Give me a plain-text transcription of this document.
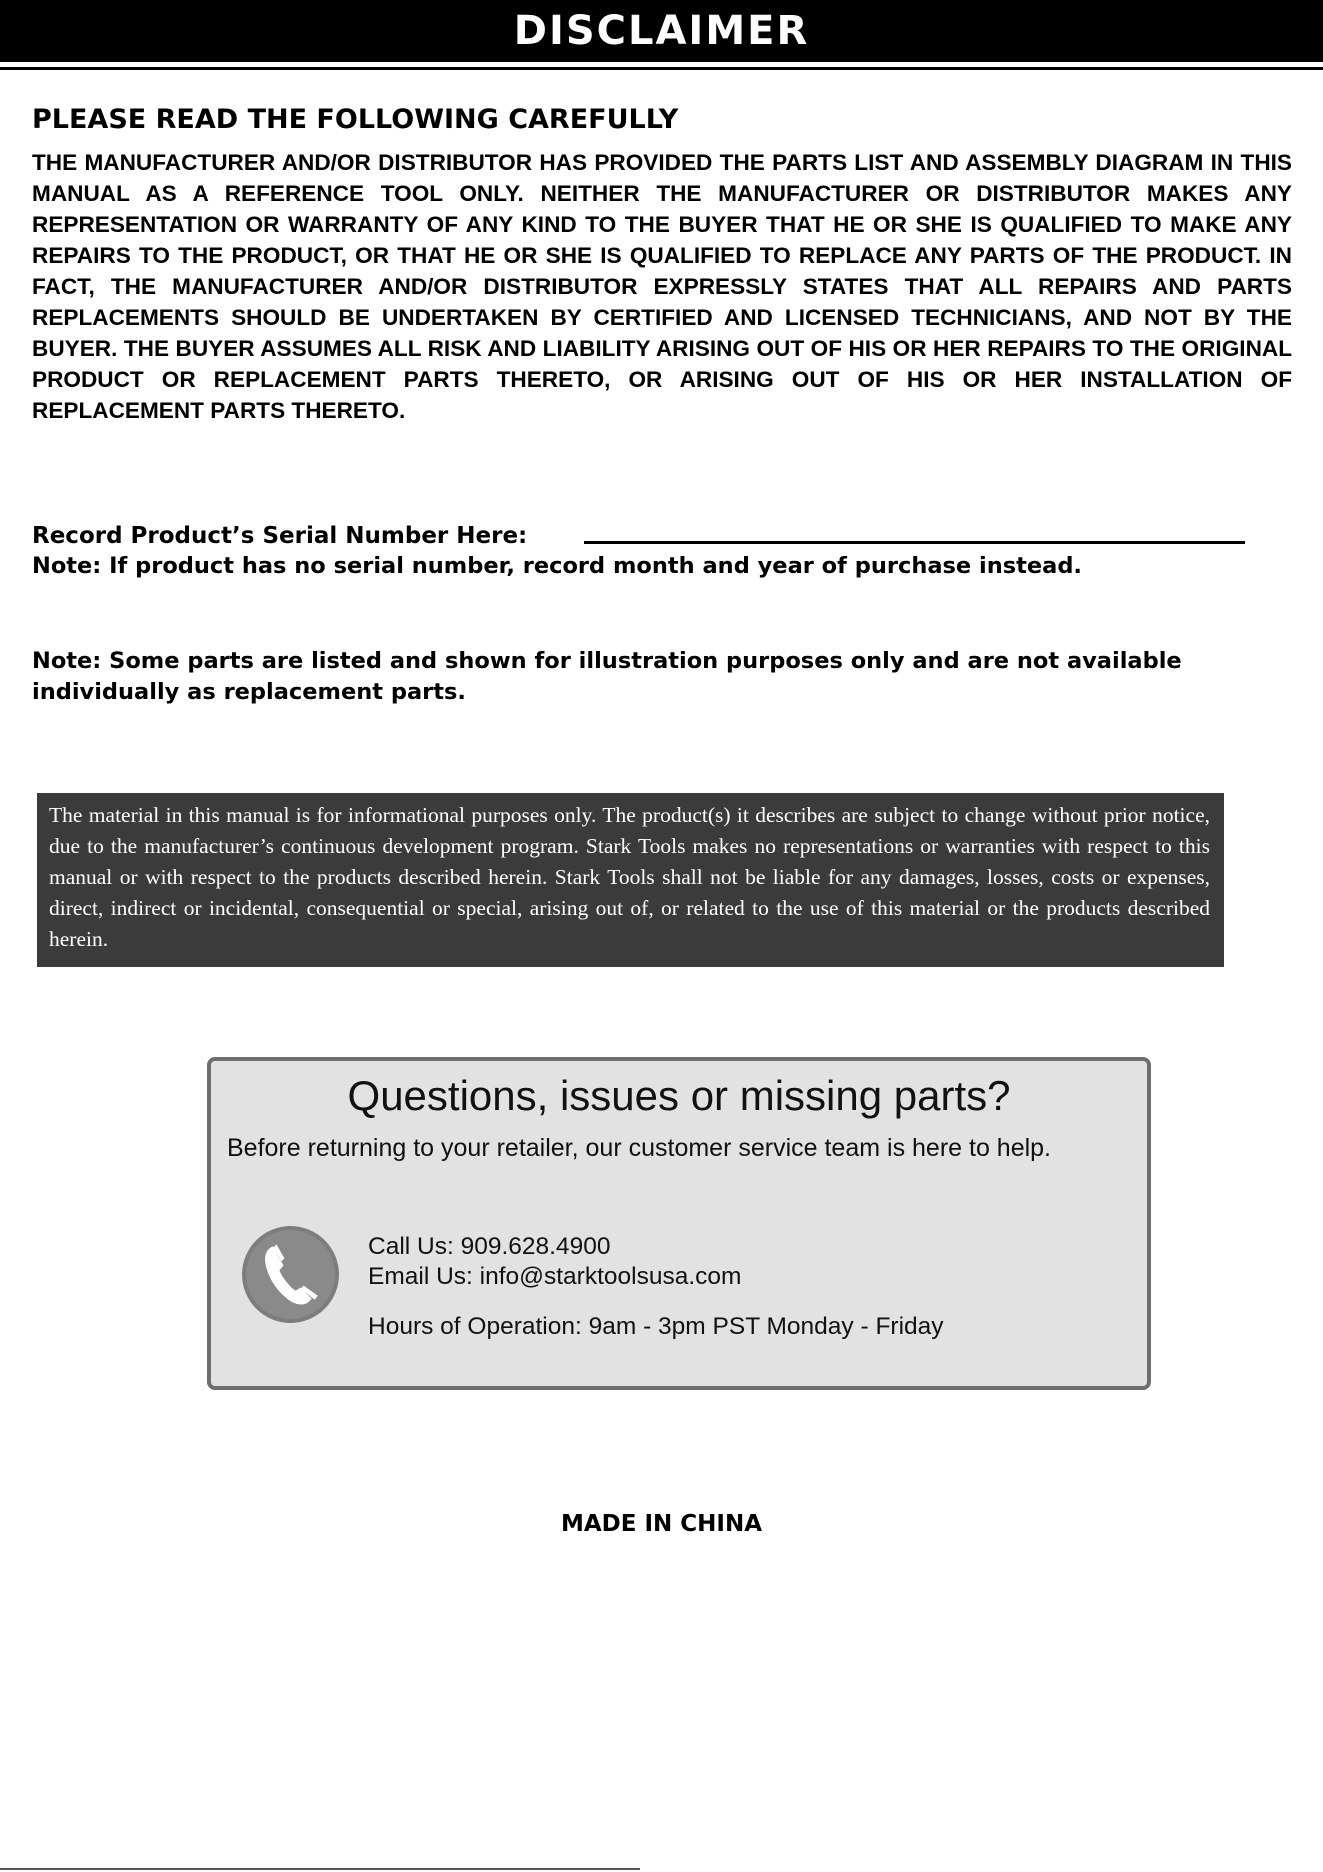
DISCLAIMER
PLEASE READ THE FOLLOWING CAREFULLY

THE MANUFACTURER AND/OR DISTRIBUTOR HAS PROVIDED THE PARTS LIST AND ASSEMBLY DIAGRAM IN THIS MANUAL AS A REFERENCE TOOL ONLY. NEITHER THE MANUFACTURER OR DISTRIBUTOR MAKES ANY REPRESENTATION OR WARRANTY OF ANY KIND TO THE BUYER THAT HE OR SHE IS QUALIFIED TO MAKE ANY REPAIRS TO THE PRODUCT, OR THAT HE OR SHE IS QUALIFIED TO REPLACE ANY PARTS OF THE PRODUCT. IN FACT, THE MANUFACTURER AND/OR DISTRIBUTOR EXPRESSLY STATES THAT ALL REPAIRS AND PARTS REPLACEMENTS SHOULD BE UNDERTAKEN BY CERTIFIED AND LICENSED TECHNICIANS, AND NOT BY THE BUYER. THE BUYER ASSUMES ALL RISK AND LIABILITY ARISING OUT OF HIS OR HER REPAIRS TO THE ORIGINAL PRODUCT OR REPLACEMENT PARTS THERETO, OR ARISING OUT OF HIS OR HER INSTALLATION OF REPLACEMENT PARTS THERETO.

Record Product’s Serial Number Here:
Note: If product has no serial number, record month and year of purchase instead.

Note: Some parts are listed and shown for illustration purposes only and are not available individually as replacement parts.

The material in this manual is for informational purposes only. The product(s) it describes are subject to change without prior notice, due to the manufacturer’s continuous development program. Stark Tools makes no representations or warranties with respect to this manual or with respect to the products described herein. Stark Tools shall not be liable for any damages, losses, costs or expenses, direct, indirect or incidental, consequential or special, arising out of, or related to the use of this material or the products described herein.

Questions, issues or missing parts?
Before returning to your retailer, our customer service team is here to help.
Call Us: 909.628.4900
Email Us: info@starktoolsusa.com
Hours of Operation: 9am - 3pm PST Monday - Friday
MADE IN CHINA
